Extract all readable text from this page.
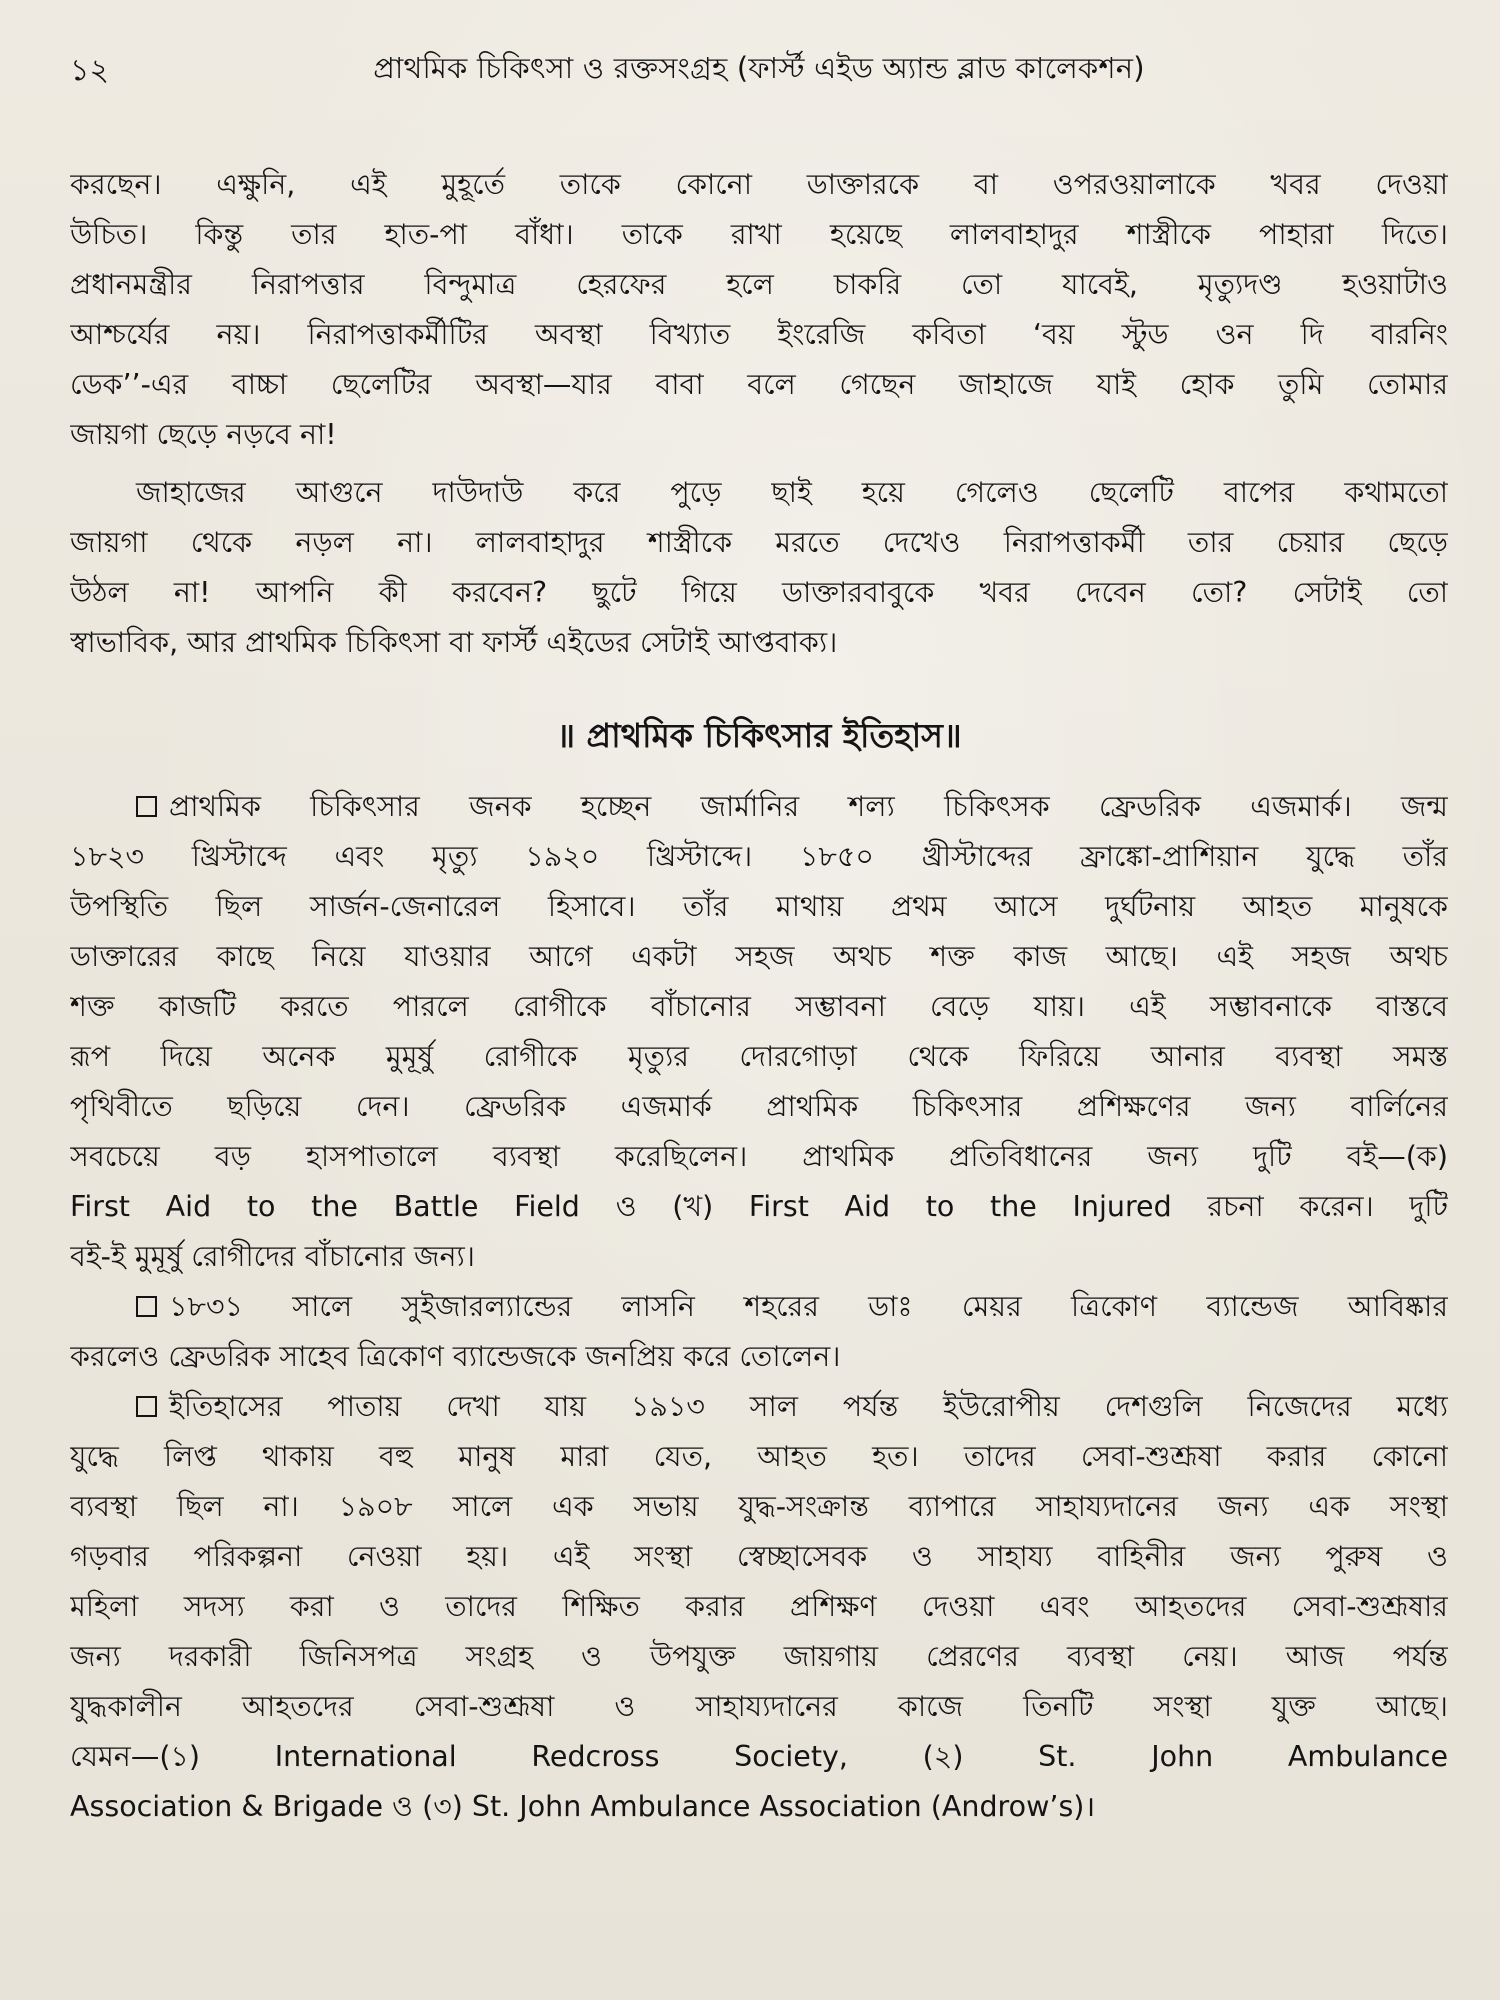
১২	প্রাথমিক চিকিৎসা ও রক্তসংগ্রহ (ফার্স্ট এইড অ্যান্ড ব্লাড কালেকশন)
করছেন। এক্ষুনি, এই মুহূর্তে তাকে কোনো ডাক্তারকে বা ওপরওয়ালাকে খবর দেওয়া
উচিত। কিন্তু তার হাত-পা বাঁধা। তাকে রাখা হয়েছে লালবাহাদুর শাস্ত্রীকে পাহারা দিতে।
প্রধানমন্ত্রীর নিরাপত্তার বিন্দুমাত্র হেরফের হলে চাকরি তো যাবেই, মৃত্যুদণ্ড হওয়াটাও
আশ্চর্যের নয়। নিরাপত্তাকর্মীটির অবস্থা বিখ্যাত ইংরেজি কবিতা ‘বয় স্টুড ওন দি বারনিং
ডেক’’-এর বাচ্চা ছেলেটির অবস্থা—যার বাবা বলে গেছেন জাহাজে যাই হোক তুমি তোমার
জায়গা ছেড়ে নড়বে না!
জাহাজের আগুনে দাউদাউ করে পুড়ে ছাই হয়ে গেলেও ছেলেটি বাপের কথামতো
জায়গা থেকে নড়ল না। লালবাহাদুর শাস্ত্রীকে মরতে দেখেও নিরাপত্তাকর্মী তার চেয়ার ছেড়ে
উঠল না! আপনি কী করবেন? ছুটে গিয়ে ডাক্তারবাবুকে খবর দেবেন তো? সেটাই তো
স্বাভাবিক, আর প্রাথমিক চিকিৎসা বা ফার্স্ট এইডের সেটাই আপ্তবাক্য।
॥ প্রাথমিক চিকিৎসার ইতিহাস॥
প্রাথমিক চিকিৎসার জনক হচ্ছেন জার্মানির শল্য চিকিৎসক ফ্রেডরিক এজমার্ক। জন্ম
১৮২৩ খ্রিস্টাব্দে এবং মৃত্যু ১৯২০ খ্রিস্টাব্দে। ১৮৫০ খ্রীস্টাব্দের ফ্রাঙ্কো-প্রাশিয়ান যুদ্ধে তাঁর
উপস্থিতি ছিল সার্জন-জেনারেল হিসাবে। তাঁর মাথায় প্রথম আসে দুর্ঘটনায় আহত মানুষকে
ডাক্তারের কাছে নিয়ে যাওয়ার আগে একটা সহজ অথচ শক্ত কাজ আছে। এই সহজ অথচ
শক্ত কাজটি করতে পারলে রোগীকে বাঁচানোর সম্ভাবনা বেড়ে যায়। এই সম্ভাবনাকে বাস্তবে
রূপ দিয়ে অনেক মুমূর্ষু রোগীকে মৃত্যুর দোরগোড়া থেকে ফিরিয়ে আনার ব্যবস্থা সমস্ত
পৃথিবীতে ছড়িয়ে দেন। ফ্রেডরিক এজমার্ক প্রাথমিক চিকিৎসার প্রশিক্ষণের জন্য বার্লিনের
সবচেয়ে বড় হাসপাতালে ব্যবস্থা করেছিলেন। প্রাথমিক প্রতিবিধানের জন্য দুটি বই—(ক)
First Aid to the Battle Field ও (খ) First Aid to the Injured রচনা করেন। দুটি
বই-ই মুমূর্ষু রোগীদের বাঁচানোর জন্য।
১৮৩১ সালে সুইজারল্যান্ডের লাসনি শহরের ডাঃ মেয়র ত্রিকোণ ব্যান্ডেজ আবিষ্কার
করলেও ফ্রেডরিক সাহেব ত্রিকোণ ব্যান্ডেজকে জনপ্রিয় করে তোলেন।
ইতিহাসের পাতায় দেখা যায় ১৯১৩ সাল পর্যন্ত ইউরোপীয় দেশগুলি নিজেদের মধ্যে
যুদ্ধে লিপ্ত থাকায় বহু মানুষ মারা যেত, আহত হত। তাদের সেবা-শুশ্রূষা করার কোনো
ব্যবস্থা ছিল না। ১৯০৮ সালে এক সভায় যুদ্ধ-সংক্রান্ত ব্যাপারে সাহায্যদানের জন্য এক সংস্থা
গড়বার পরিকল্পনা নেওয়া হয়। এই সংস্থা স্বেচ্ছাসেবক ও সাহায্য বাহিনীর জন্য পুরুষ ও
মহিলা সদস্য করা ও তাদের শিক্ষিত করার প্রশিক্ষণ দেওয়া এবং আহতদের সেবা-শুশ্রূষার
জন্য দরকারী জিনিসপত্র সংগ্রহ ও উপযুক্ত জায়গায় প্রেরণের ব্যবস্থা নেয়। আজ পর্যন্ত
যুদ্ধকালীন আহতদের সেবা-শুশ্রূষা ও সাহায্যদানের কাজে তিনটি সংস্থা যুক্ত আছে।
যেমন—(১) International Redcross Society, (২) St. John Ambulance
Association & Brigade ও (৩) St. John Ambulance Association (Androw’s)।
